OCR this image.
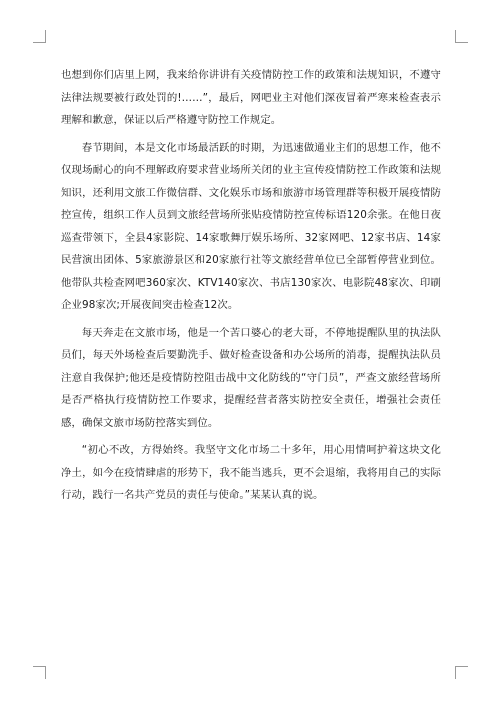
也想到你们店里上网，我来给你讲讲有关疫情防控工作的政策和法规知识，不遵守法律法规要被行政处罚的!……”，最后，网吧业主对他们深夜冒着严寒来检查表示理解和歉意，保证以后严格遵守防控工作规定。

春节期间，本是文化市场最活跃的时期，为迅速做通业主们的思想工作，他不仅现场耐心的向不理解政府要求营业场所关闭的业主宣传疫情防控工作政策和法规知识，还利用文旅工作微信群、文化娱乐市场和旅游市场管理群等积极开展疫情防控宣传，组织工作人员到文旅经营场所张贴疫情防控宣传标语120余张。在他日夜巡查带领下，全县4家影院、14家歌舞厅娱乐场所、32家网吧、12家书店、14家民营演出团体、5家旅游景区和20家旅行社等文旅经营单位已全部暂停营业到位。他带队共检查网吧360家次、KTV140家次、书店130家次、电影院48家次、印刷企业98家次;开展夜间突击检查12次。

每天奔走在文旅市场，他是一个苦口婆心的老大哥，不停地提醒队里的执法队员们，每天外场检查后要勤洗手、做好检查设备和办公场所的消毒，提醒执法队员注意自我保护;他还是疫情防控阻击战中文化防线的“守门员”，严查文旅经营场所是否严格执行疫情防控工作要求，提醒经营者落实防控安全责任，增强社会责任感，确保文旅市场防控落实到位。

“初心不改，方得始终。我坚守文化市场二十多年，用心用情呵护着这块文化净土，如今在疫情肆虐的形势下，我不能当逃兵，更不会退缩，我将用自己的实际行动，践行一名共产党员的责任与使命。”某某认真的说。
